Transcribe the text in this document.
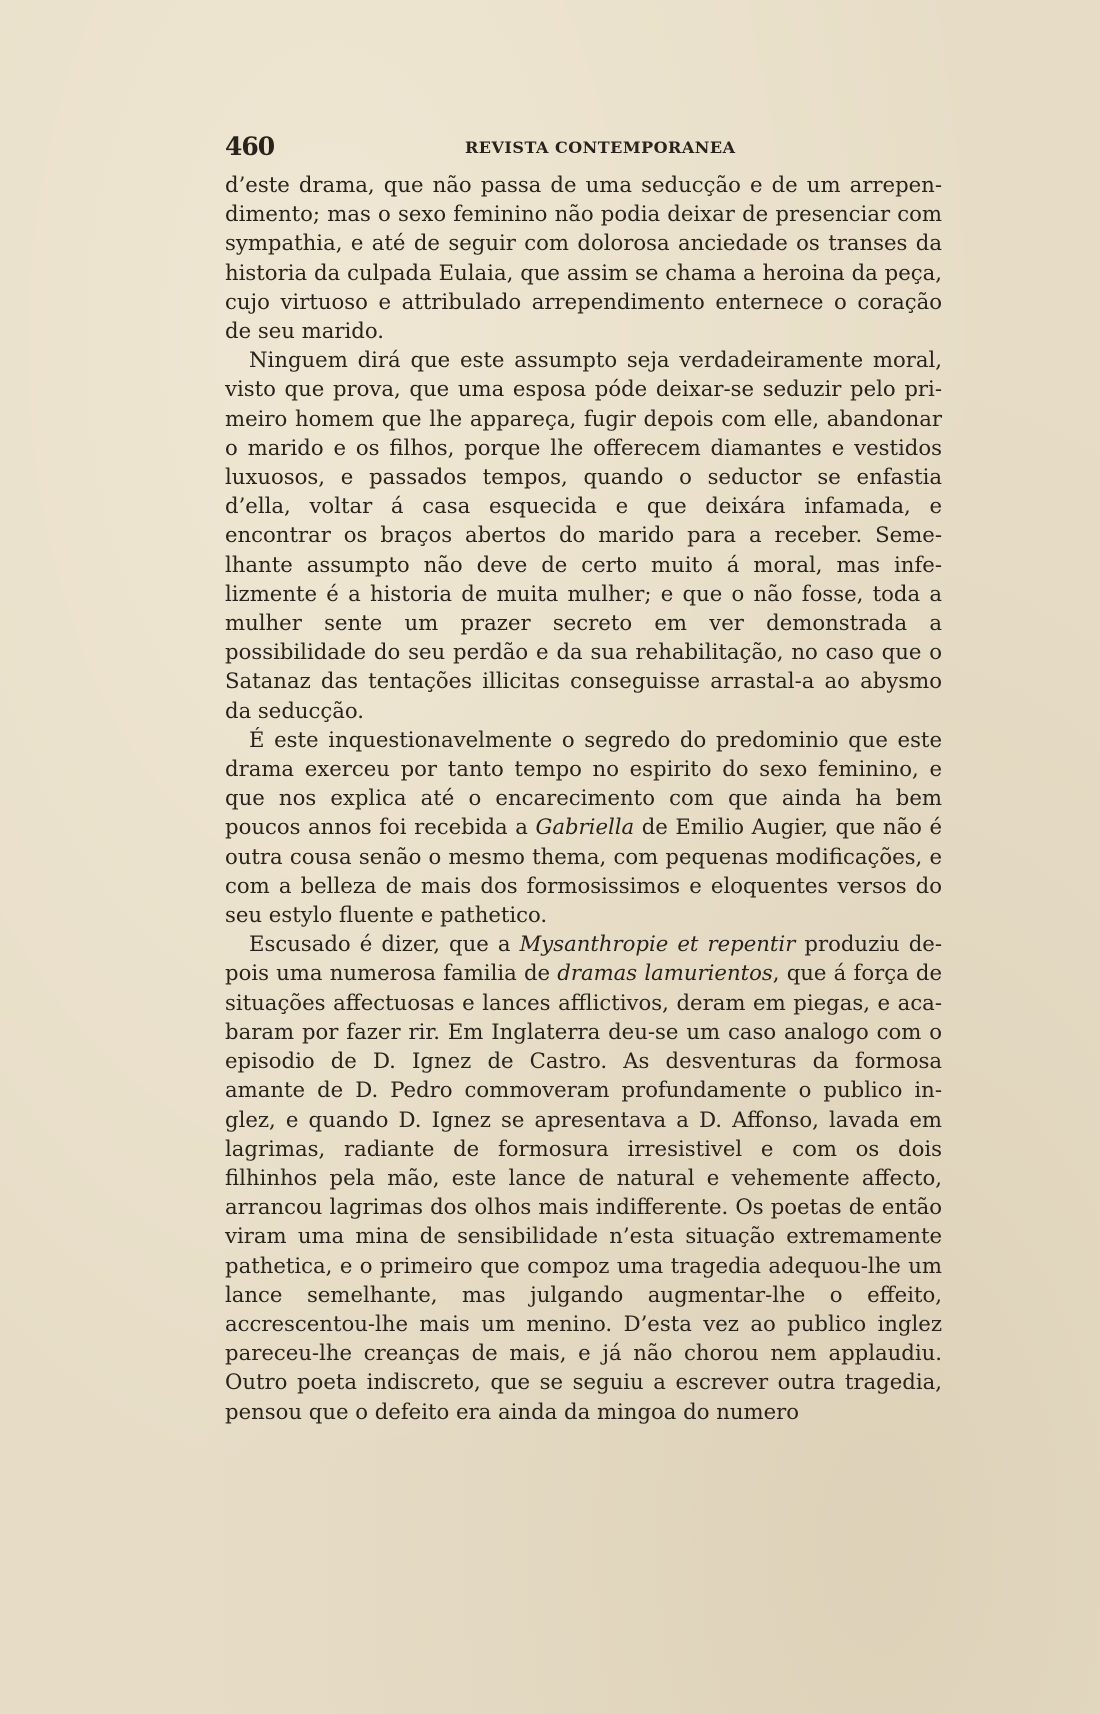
460	REVISTA CONTEMPORANEA

d’este drama, que não passa de uma seducção e de um arrependimento; mas o sexo feminino não podia deixar de presenciar com sympathia, e até de seguir com dolorosa anciedade os transes da historia da culpada Eulaia, que assim se chama a heroina da peça, cujo virtuoso e attribulado arrependimento enternece o coração de seu marido.

Ninguem dirá que este assumpto seja verdadeiramente moral, visto que prova, que uma esposa póde deixar-se seduzir pelo primeiro homem que lhe appareça, fugir depois com elle, abandonar o marido e os filhos, porque lhe offerecem diamantes e vestidos luxuosos, e passados tempos, quando o seductor se enfastia d’ella, voltar á casa esquecida e que deixára infamada, e encontrar os braços abertos do marido para a receber. Semelhante assumpto não deve de certo muito á moral, mas infelizmente é a historia de muita mulher; e que o não fosse, toda a mulher sente um prazer secreto em ver demonstrada a possibilidade do seu perdão e da sua rehabilitação, no caso que o Satanaz das tentações illicitas conseguisse arrastal-a ao abysmo da seducção.

É este inquestionavelmente o segredo do predominio que este drama exerceu por tanto tempo no espirito do sexo feminino, e que nos explica até o encarecimento com que ainda ha bem poucos annos foi recebida a Gabriella de Emilio Augier, que não é outra cousa senão o mesmo thema, com pequenas modificações, e com a belleza de mais dos formosissimos e eloquentes versos do seu estylo fluente e pathetico.

Escusado é dizer, que a Mysanthropie et repentir produziu depois uma numerosa familia de dramas lamurientos, que á força de situações affectuosas e lances afflictivos, deram em piegas, e acabaram por fazer rir. Em Inglaterra deu-se um caso analogo com o episodio de D. Ignez de Castro. As desventuras da formosa amante de D. Pedro commoveram profundamente o publico inglez, e quando D. Ignez se apresentava a D. Affonso, lavada em lagrimas, radiante de formosura irresistivel e com os dois filhinhos pela mão, este lance de natural e vehemente affecto, arrancou lagrimas dos olhos mais indifferente. Os poetas de então viram uma mina de sensibilidade n’esta situação extremamente pathetica, e o primeiro que compoz uma tragedia adequou-lhe um lance semelhante, mas julgando augmentar-lhe o effeito, accrescentou-lhe mais um menino. D’esta vez ao publico inglez pareceu-lhe creanças de mais, e já não chorou nem applaudiu. Outro poeta indiscreto, que se seguiu a escrever outra tragedia, pensou que o defeito era ainda da mingoa do numero
